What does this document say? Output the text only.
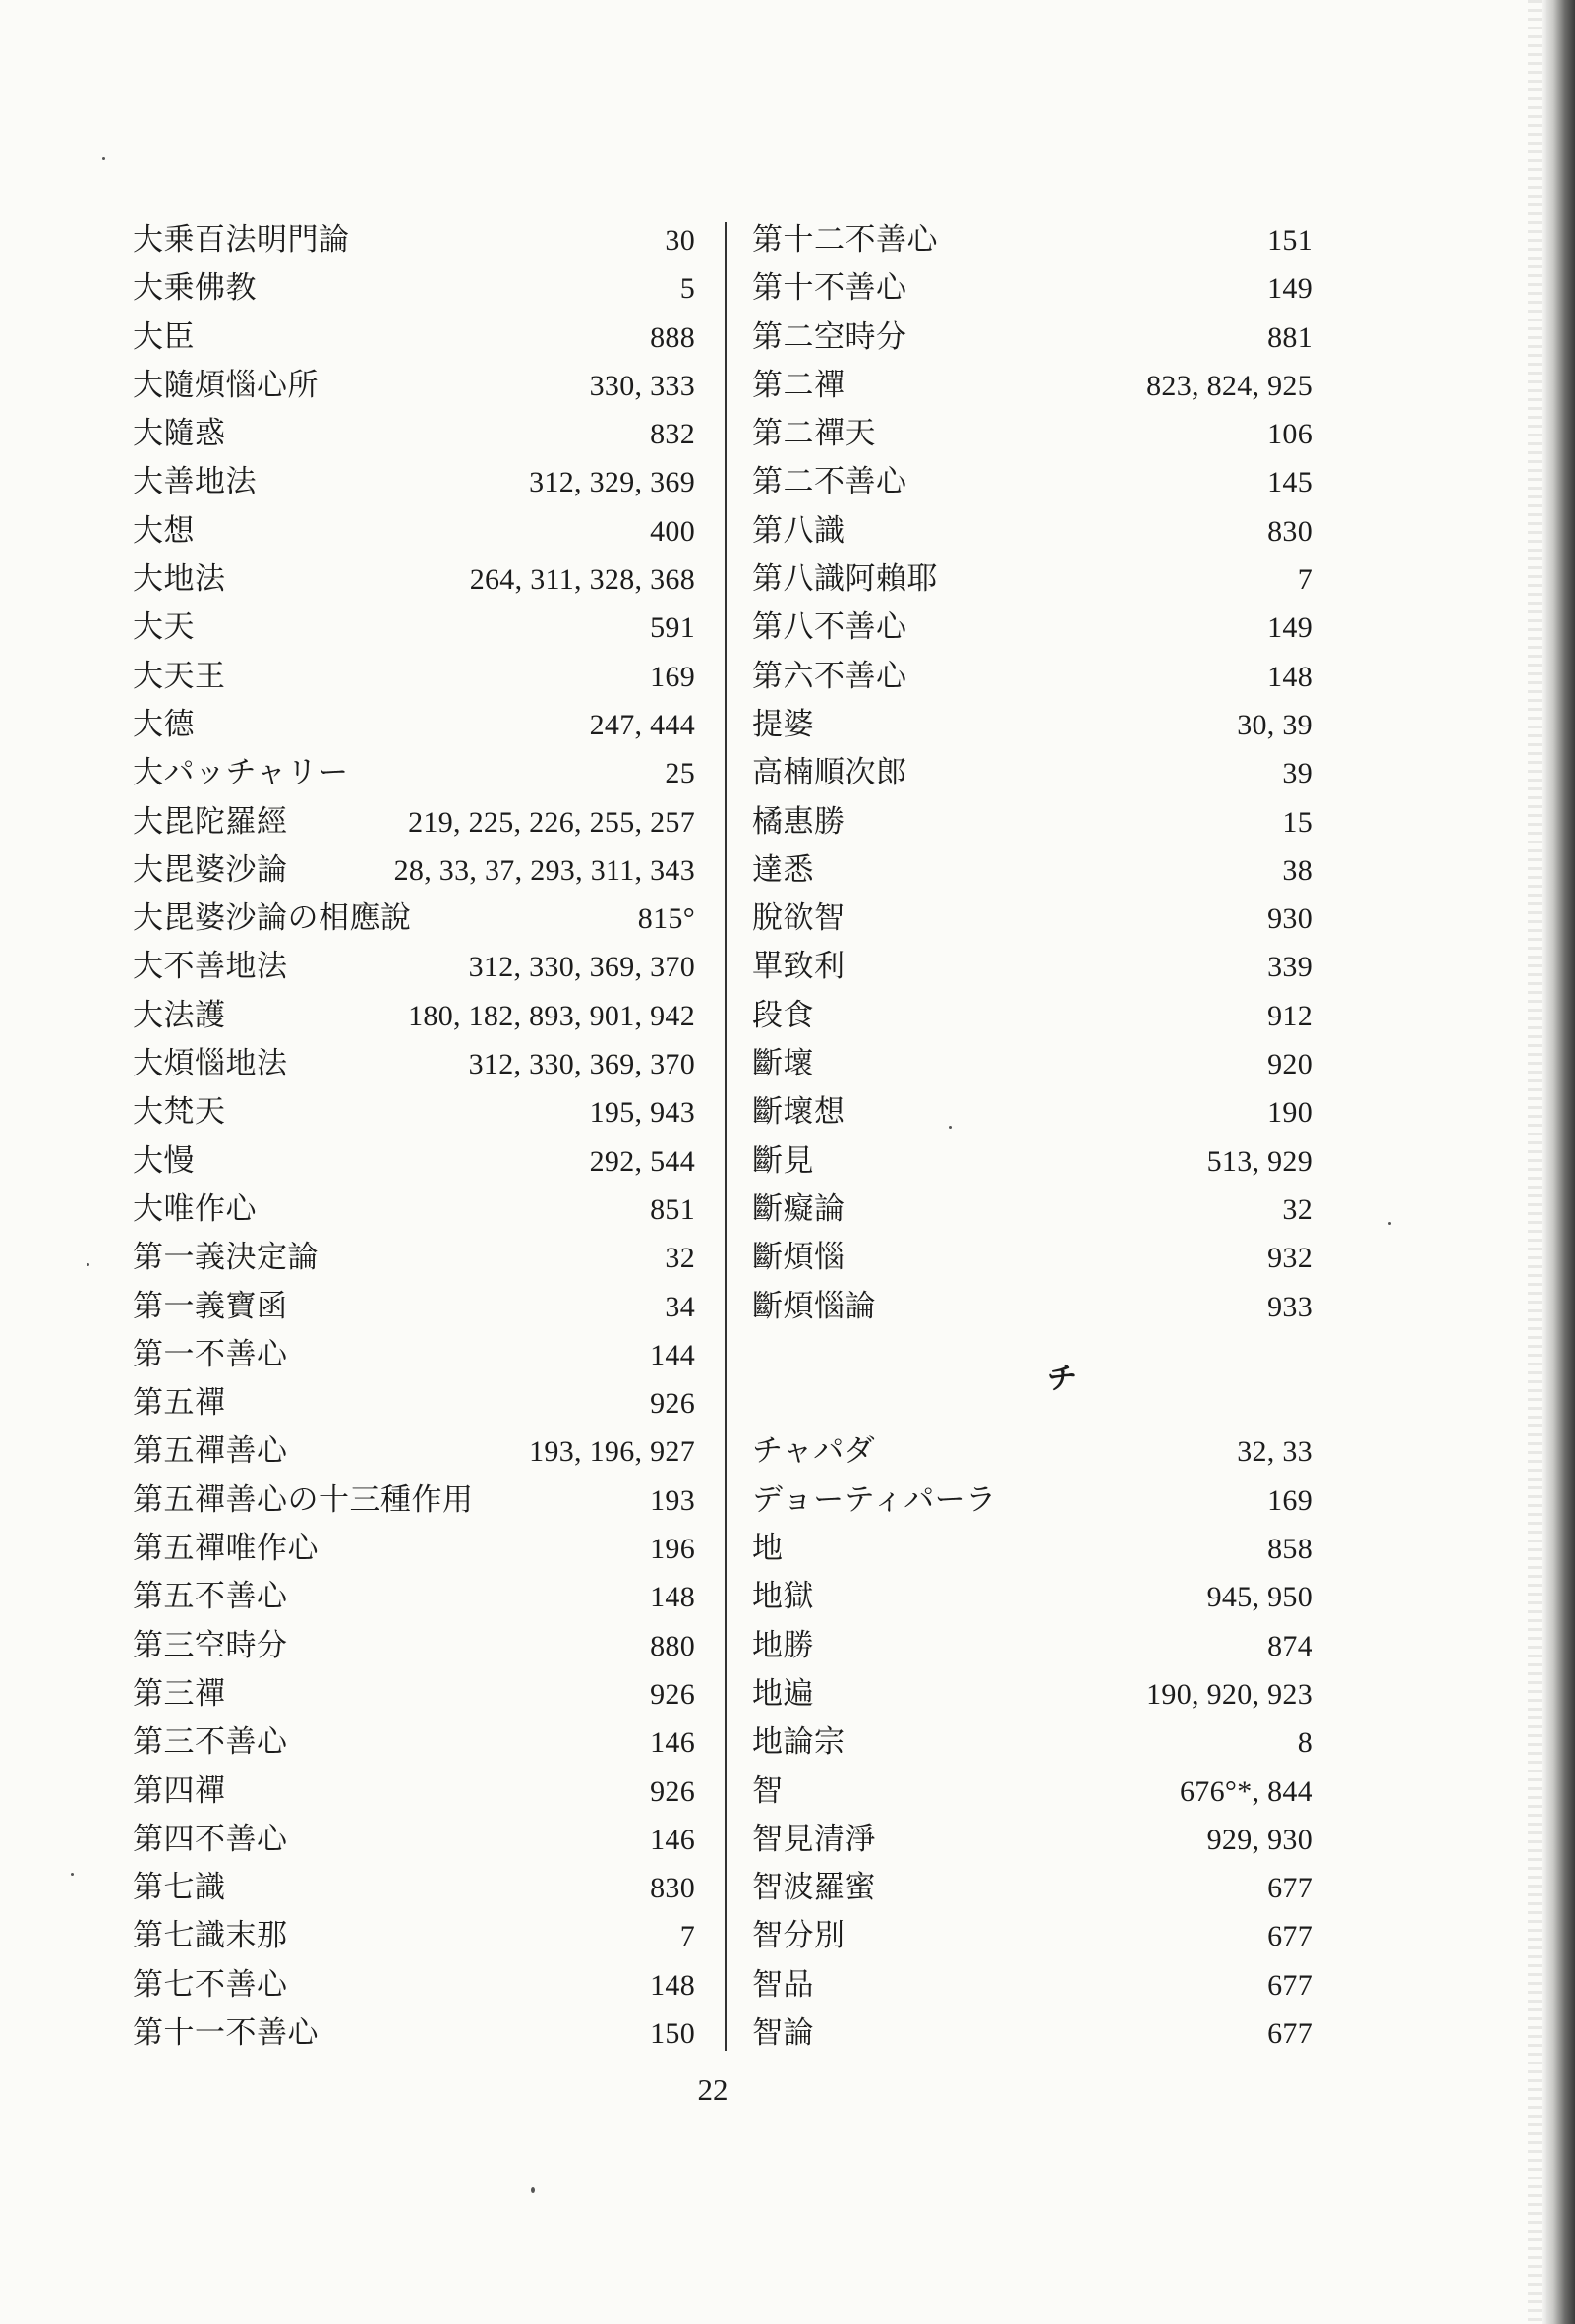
大乗百法明門論	30
大乗佛教	5
大臣	888
大隨煩惱心所	330, 333
大隨惑	832
大善地法	312, 329, 369
大想	400
大地法	264, 311, 328, 368
大天	591
大天王	169
大德	247, 444
大パッチャリー	25
大毘陀羅經	219, 225, 226, 255, 257
大毘婆沙論	28, 33, 37, 293, 311, 343
大毘婆沙論の相應說	815°
大不善地法	312, 330, 369, 370
大法護	180, 182, 893, 901, 942
大煩惱地法	312, 330, 369, 370
大梵天	195, 943
大慢	292, 544
大唯作心	851
第一義決定論	32
第一義寶函	34
第一不善心	144
第五禪	926
第五禪善心	193, 196, 927
第五禪善心の十三種作用	193
第五禪唯作心	196
第五不善心	148
第三空時分	880
第三禪	926
第三不善心	146
第四禪	926
第四不善心	146
第七識	830
第七識末那	7
第七不善心	148
第十一不善心	150
第十二不善心	151
第十不善心	149
第二空時分	881
第二禪	823, 824, 925
第二禪天	106
第二不善心	145
第八識	830
第八識阿賴耶	7
第八不善心	149
第六不善心	148
提婆	30, 39
高楠順次郎	39
橘惠勝	15
達悉	38
脫欲智	930
單致利	339
段食	912
斷壞	920
斷壞想	190
斷見	513, 929
斷癡論	32
斷煩惱	932
斷煩惱論	933
チ
チャパダ	32, 33
デョーティパーラ	169
地	858
地獄	945, 950
地勝	874
地遍	190, 920, 923
地論宗	8
智	676°*, 844
智見清淨	929, 930
智波羅蜜	677
智分別	677
智品	677
智論	677
22
